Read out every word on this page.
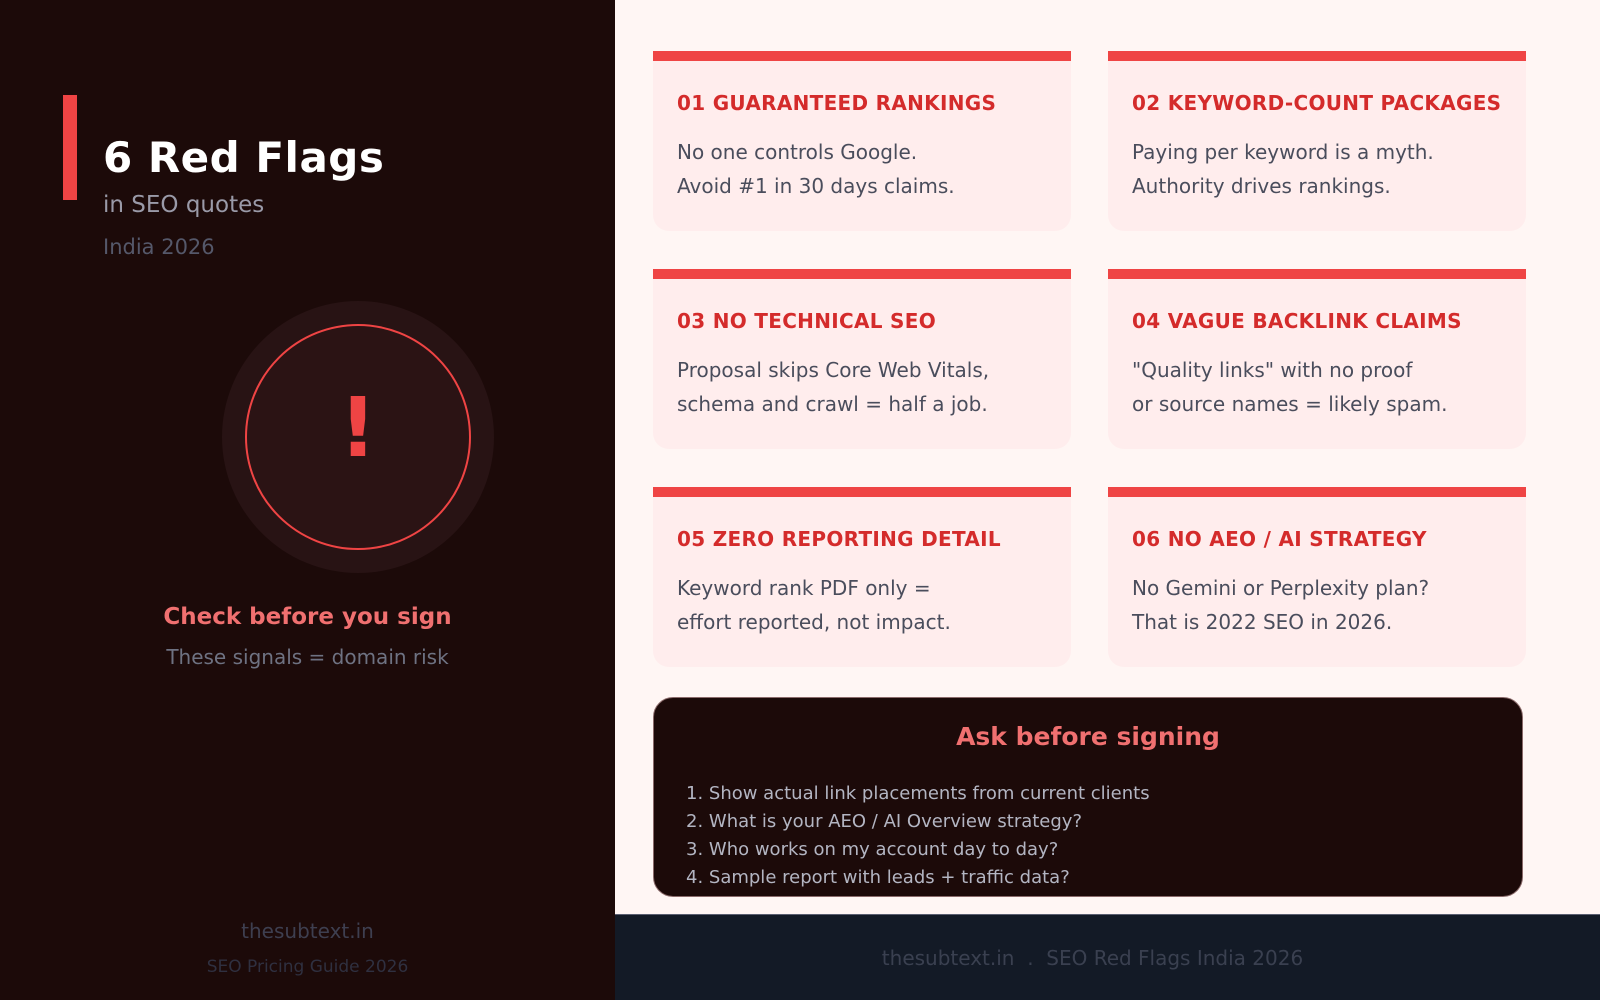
6 Red Flags
in SEO quotes
India 2026
!
Check before you sign
These signals = domain risk
thesubtext.in
SEO Pricing Guide 2026
01 GUARANTEED RANKINGS
No one controls Google.
Avoid #1 in 30 days claims.
02 KEYWORD-COUNT PACKAGES
Paying per keyword is a myth.
Authority drives rankings.
03 NO TECHNICAL SEO
Proposal skips Core Web Vitals,
schema and crawl = half a job.
04 VAGUE BACKLINK CLAIMS
"Quality links" with no proof
or source names = likely spam.
05 ZERO REPORTING DETAIL
Keyword rank PDF only =
effort reported, not impact.
06 NO AEO / AI STRATEGY
No Gemini or Perplexity plan?
That is 2022 SEO in 2026.
Ask before signing
1. Show actual link placements from current clients
2. What is your AEO / AI Overview strategy?
3. Who works on my account day to day?
4. Sample report with leads + traffic data?
thesubtext.in  .  SEO Red Flags India 2026
